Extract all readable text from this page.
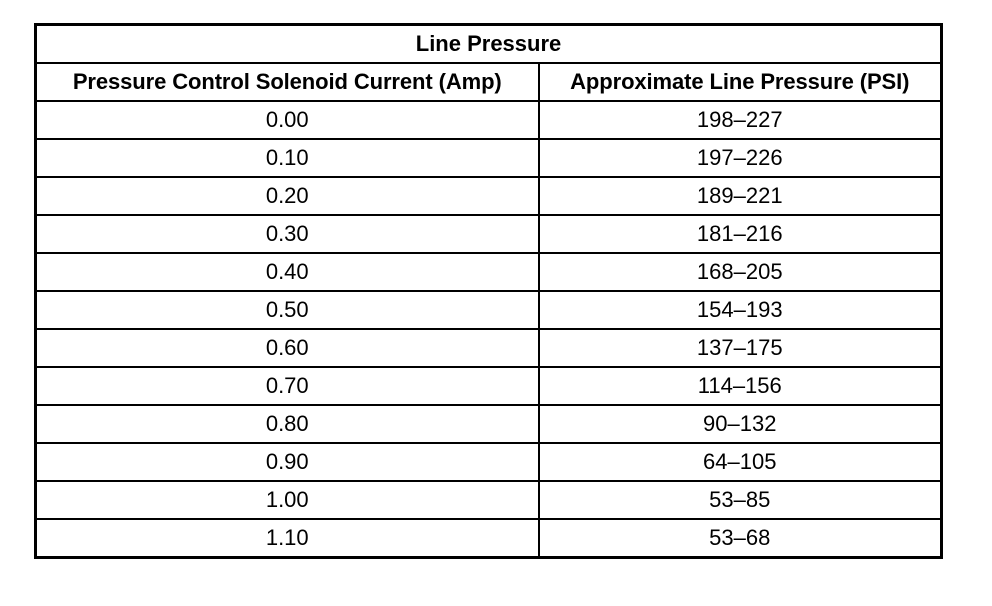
Line Pressure	
Pressure Control Solenoid Current (Amp)	Approximate Line Pressure (PSI)
0.00	198–227
0.10	197–226
0.20	189–221
0.30	181–216
0.40	168–205
0.50	154–193
0.60	137–175
0.70	114–156
0.80	90–132
0.90	64–105
1.00	53–85
1.10	53–68
